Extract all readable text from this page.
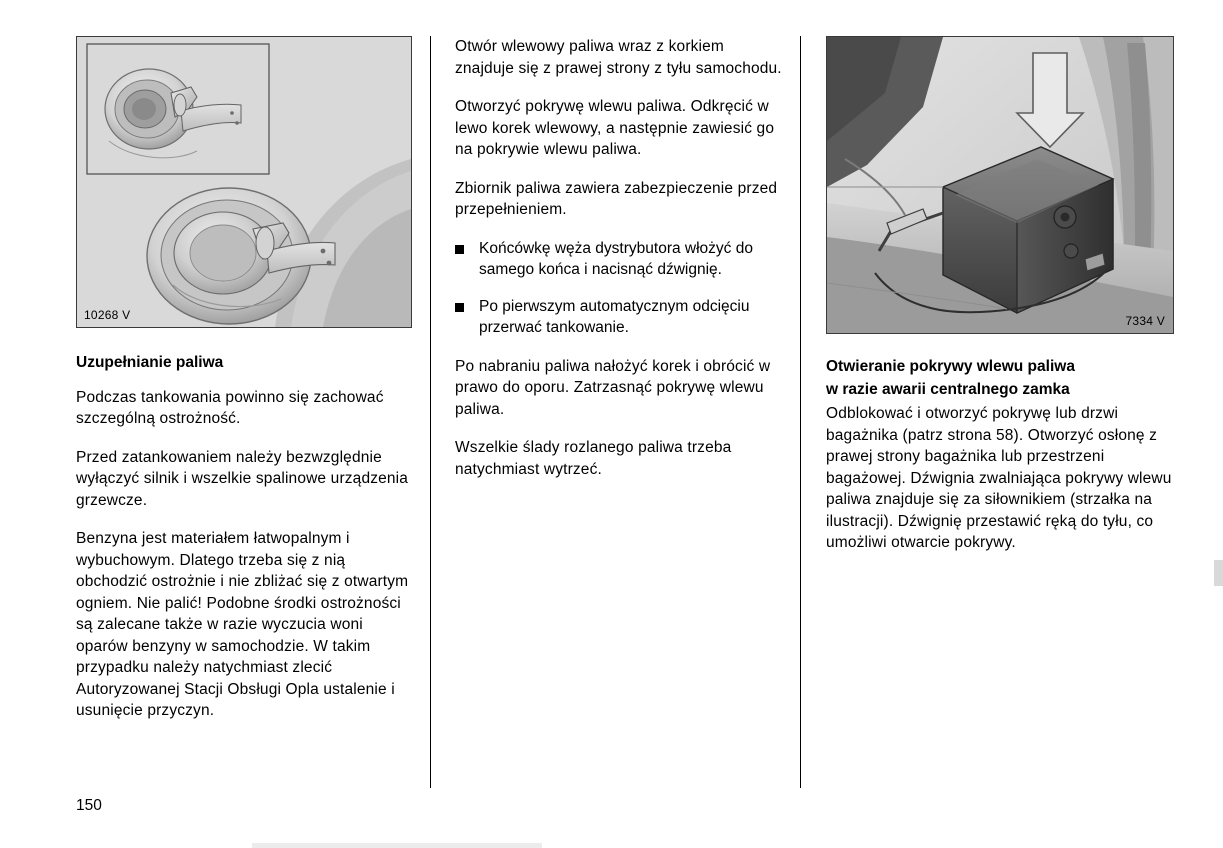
10268 V
Uzupełnianie paliwa

Podczas tankowania powinno się zachować szczególną ostrożność.

Przed zatankowaniem należy bezwzględnie wyłączyć silnik i wszelkie spalinowe urządzenia grzewcze.

Benzyna jest materiałem łatwopalnym i wybuchowym. Dlatego trzeba się z nią obchodzić ostrożnie i nie zbliżać się z otwartym ogniem. Nie palić! Podobne środki ostrożności są zalecane także w razie wyczucia woni oparów benzyny w samochodzie. W takim przypadku należy natychmiast zlecić Autoryzowanej Stacji Obsługi Opla ustalenie i usunięcie przyczyn.

Otwór wlewowy paliwa wraz z korkiem znajduje się z prawej strony z tyłu samochodu.

Otworzyć pokrywę wlewu paliwa. Odkręcić w lewo korek wlewowy, a następnie zawiesić go na pokrywie wlewu paliwa.

Zbiornik paliwa zawiera zabezpieczenie przed przepełnieniem.

Końcówkę węża dystrybutora włożyć do samego końca i nacisnąć dźwignię.
Po pierwszym automatycznym odcięciu przerwać tankowanie.

Po nabraniu paliwa nałożyć korek i obrócić w prawo do oporu. Zatrzasnąć pokrywę wlewu paliwa.

Wszelkie ślady rozlanego paliwa trzeba natychmiast wytrzeć.

7334 V
Otwieranie pokrywy wlewu paliwa
w razie awarii centralnego zamka

Odblokować i otworzyć pokrywę lub drzwi bagażnika (patrz strona 58). Otworzyć osłonę z prawej strony bagażnika lub przestrzeni bagażowej. Dźwignia zwalniająca pokrywy wlewu paliwa znajduje się za siłownikiem (strzałka na ilustracji). Dźwignię przestawić ręką do tyłu, co umożliwi otwarcie pokrywy.

150
